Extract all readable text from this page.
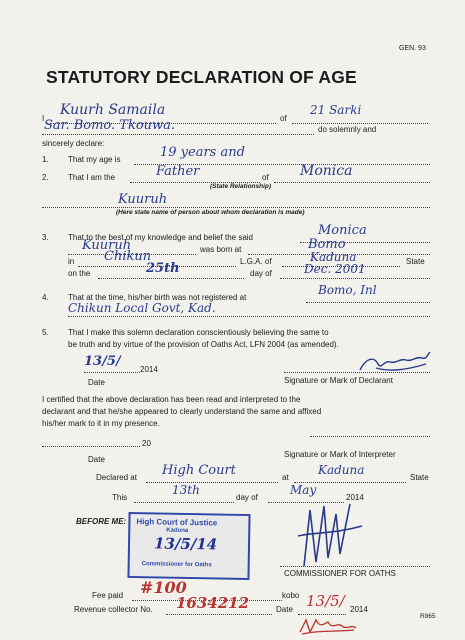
GEN. 93
STATUTORY DECLARATION OF AGE
I
Kuurh Samaila
of
21 Sarki
Sar. Bomo. Tkouwa.	do solemnly and
sincerely declare:
1. That my age is	19 years and
2. That I am the	Father	of Monica
(State Relationship)
Kuuruh
(Here state name of person about whom declaration is made)
3. That to the best of my knowledge and belief the said	Monica
Kuuruh	was born at	Bomo
in Chikun	L.G.A. of	Kaduna	State
on the	25th	day of	Dec. 2001
4. That at the time, his/her birth was not registered at
Bomo, Inl
Chikun Local Govt, Kad.
5. That I make this solemn declaration conscientiously believing the same to
be truth and by virtue of the provision of Oaths Act, LFN 2004 (as amended).
13/5/
2014
Date	Signature or Mark of Declarant
I certified that the above declaration has been read and interpreted to the
declarant and that he/she appeared to clearly understand the same and affixed
his/her mark to it in my presence.
20
Date
Signature or Mark of Interpreter
Declared at High Court	at
Kaduna
State
This
13th
day of
May
2014
BEFORE ME:
COMMISSIONER FOR OATHS
High Court of Justice
Kaduna
13/5/14
Commissioner for Oaths
Fee paid #100	kobo
Revenue collector No. 1634212	Date 13/5/ 2014
R865
